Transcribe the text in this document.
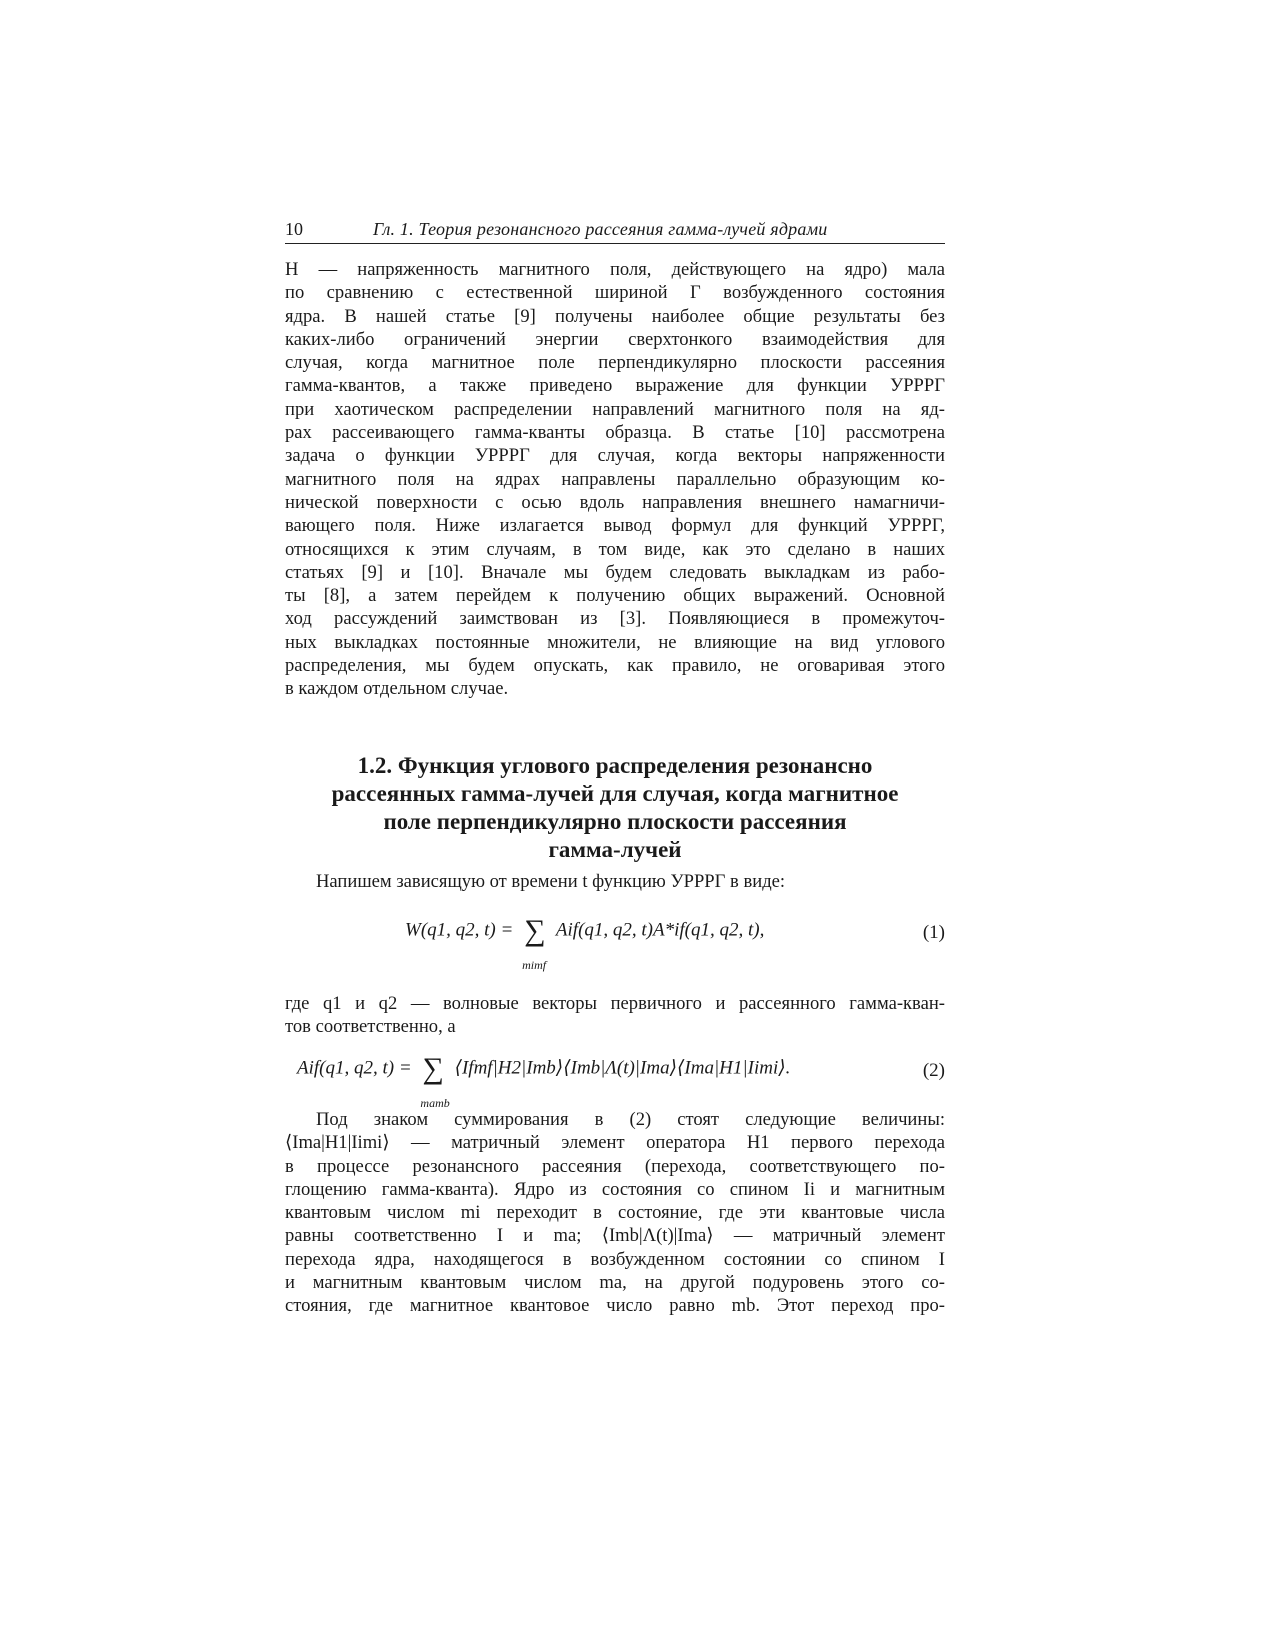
10	Гл. 1. Теория резонансного рассеяния гамма-лучей ядрами
H — напряженность магнитного поля, действующего на ядро) мала
по сравнению с естественной шириной Γ возбужденного состояния
ядра. В нашей статье [9] получены наиболее общие результаты без
каких-либо ограничений энергии сверхтонкого взаимодействия для
случая, когда магнитное поле перпендикулярно плоскости рассеяния
гамма-квантов, а также приведено выражение для функции УРРРГ
при хаотическом распределении направлений магнитного поля на яд-
рах рассеивающего гамма-кванты образца. В статье [10] рассмотрена
задача о функции УРРРГ для случая, когда векторы напряженности
магнитного поля на ядрах направлены параллельно образующим ко-
нической поверхности с осью вдоль направления внешнего намагничи-
вающего поля. Ниже излагается вывод формул для функций УРРРГ,
относящихся к этим случаям, в том виде, как это сделано в наших
статьях [9] и [10]. Вначале мы будем следовать выкладкам из рабо-
ты [8], а затем перейдем к получению общих выражений. Основной
ход рассуждений заимствован из [3]. Появляющиеся в промежуточ-
ных выкладках постоянные множители, не влияющие на вид углового
распределения, мы будем опускать, как правило, не оговаривая этого
в каждом отдельном случае.
1.2. Функция углового распределения резонансно
рассеянных гамма-лучей для случая, когда магнитное
поле перпендикулярно плоскости рассеяния
гамма-лучей
Напишем зависящую от времени t функцию УРРРГ в виде:
W(q1, q2, t) = ∑
mimf
Aif(q1, q2, t)A*if(q1, q2, t),	(1)
где q1 и q2 — волновые векторы первичного и рассеянного гамма-кван-
тов соответственно, а
Aif(q1, q2, t) = ∑
mamb
⟨Ifmf|H2|Imb⟩⟨Imb|Λ(t)|Ima⟩⟨Ima|H1|Iimi⟩.	(2)
Под знаком суммирования в (2) стоят следующие величины:
⟨Ima|H1|Iimi⟩ — матричный элемент оператора H1 первого перехода
в процессе резонансного рассеяния (перехода, соответствующего по-
глощению гамма-кванта). Ядро из состояния со спином Ii и магнитным
квантовым числом mi переходит в состояние, где эти квантовые числа
равны соответственно I и ma; ⟨Imb|Λ(t)|Ima⟩ — матричный элемент
перехода ядра, находящегося в возбужденном состоянии со спином I
и магнитным квантовым числом ma, на другой подуровень этого со-
стояния, где магнитное квантовое число равно mb. Этот переход про-
